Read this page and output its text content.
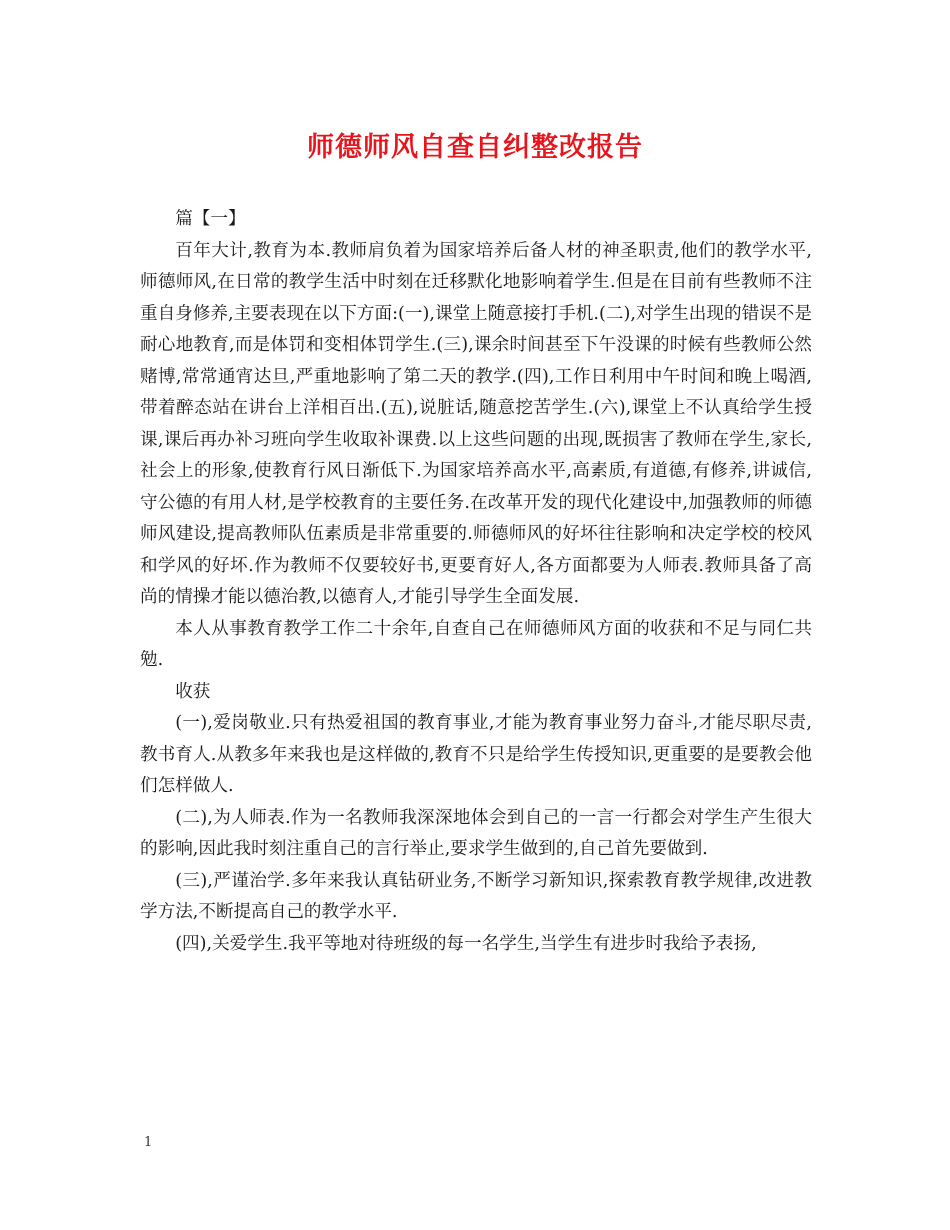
师德师风自查自纠整改报告

篇【一】

百年大计,教育为本.教师肩负着为国家培养后备人材的神圣职责,他们的教学水平,师德师风,在日常的教学生活中时刻在迁移默化地影响着学生.但是在目前有些教师不注重自身修养,主要表现在以下方面:(一),课堂上随意接打手机.(二),对学生出现的错误不是耐心地教育,而是体罚和变相体罚学生.(三),课余时间甚至下午没课的时候有些教师公然赌博,常常通宵达旦,严重地影响了第二天的教学.(四),工作日利用中午时间和晚上喝酒,带着醉态站在讲台上洋相百出.(五),说脏话,随意挖苦学生.(六),课堂上不认真给学生授课,课后再办补习班向学生收取补课费.以上这些问题的出现,既损害了教师在学生,家长,社会上的形象,使教育行风日渐低下.为国家培养高水平,高素质,有道德,有修养,讲诚信,守公德的有用人材,是学校教育的主要任务.在改革开发的现代化建设中,加强教师的师德师风建设,提高教师队伍素质是非常重要的.师德师风的好坏往往影响和决定学校的校风和学风的好坏.作为教师不仅要较好书,更要育好人,各方面都要为人师表.教师具备了高尚的情操才能以德治教,以德育人,才能引导学生全面发展.

本人从事教育教学工作二十余年,自查自己在师德师风方面的收获和不足与同仁共勉.

收获

(一),爱岗敬业.只有热爱祖国的教育事业,才能为教育事业努力奋斗,才能尽职尽责,教书育人.从教多年来我也是这样做的,教育不只是给学生传授知识,更重要的是要教会他们怎样做人.

(二),为人师表.作为一名教师我深深地体会到自己的一言一行都会对学生产生很大的影响,因此我时刻注重自己的言行举止,要求学生做到的,自己首先要做到.

(三),严谨治学.多年来我认真钻研业务,不断学习新知识,探索教育教学规律,改进教学方法,不断提高自己的教学水平.

(四),关爱学生.我平等地对待班级的每一名学生,当学生有进步时我给予表扬,

1
